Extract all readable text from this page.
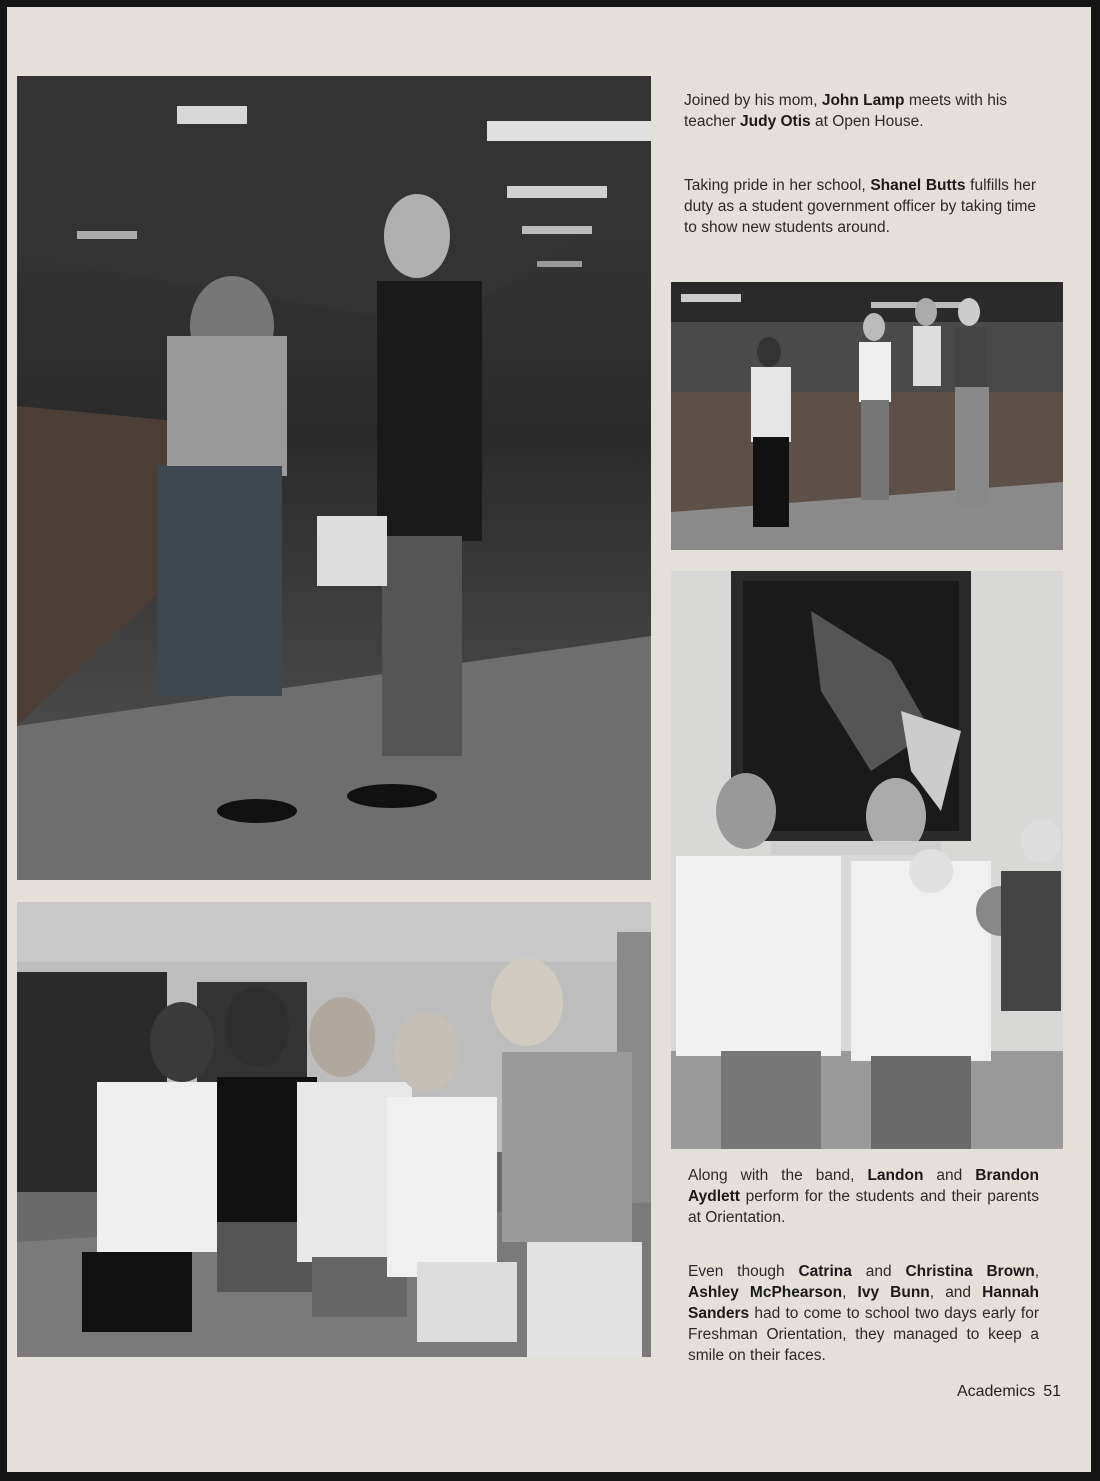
Joined by his mom, John Lamp meets with his teacher Judy Otis at Open House.

Taking pride in her school, Shanel Butts fulfills her duty as a student government officer by taking time to show new students around.

Along with the band, Landon and Brandon Aydlett perform for the students and their parents at Orientation.

Even though Catrina and Christina Brown, Ashley McPhearson, Ivy Bunn, and Hannah Sanders had to come to school two days early for Freshman Orientation, they managed to keep a smile on their faces.

Academics 51
